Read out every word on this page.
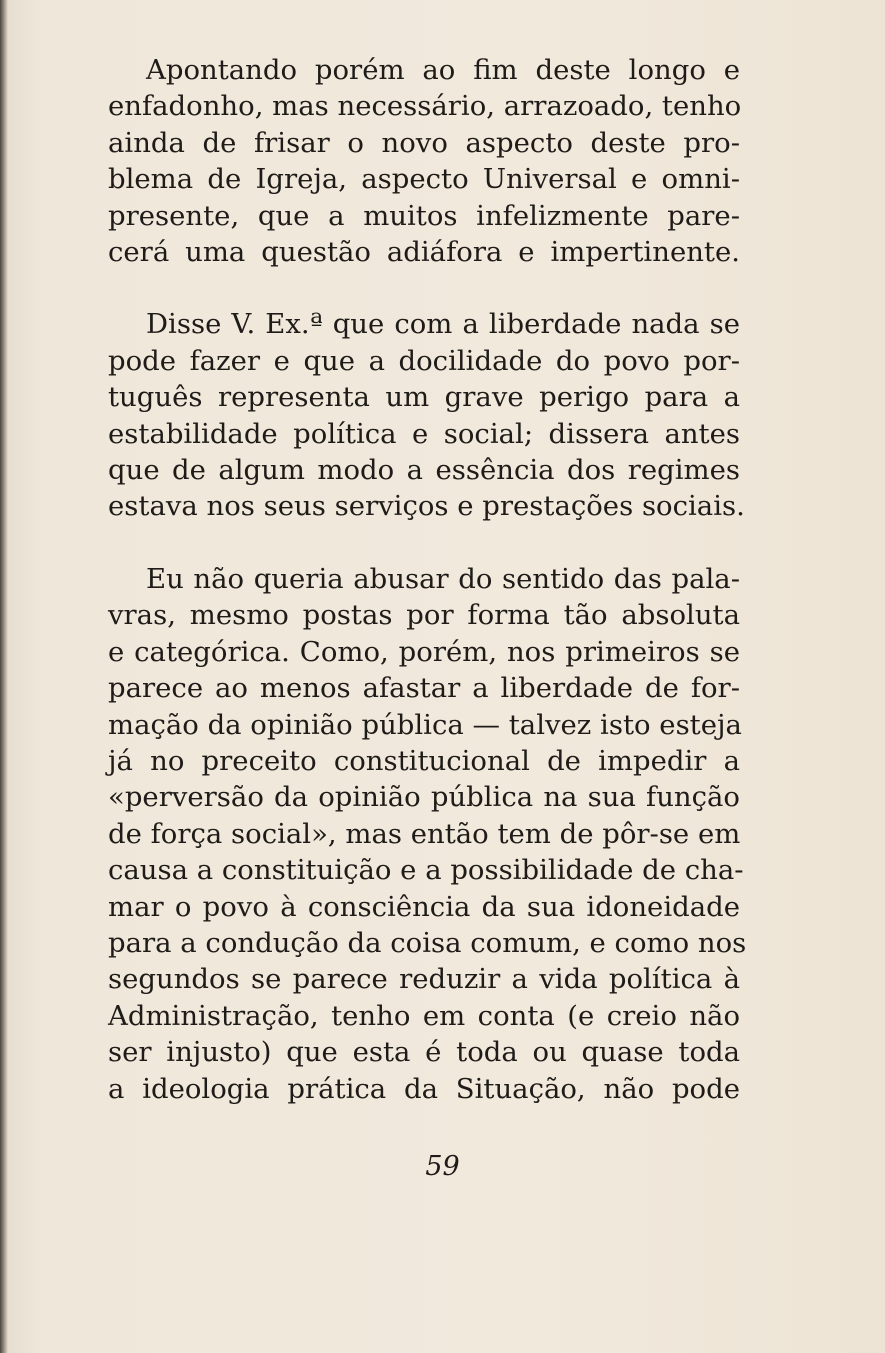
Apontando porém ao fim deste longo e
enfadonho, mas necessário, arrazoado, tenho
ainda de frisar o novo aspecto deste pro-
blema de Igreja, aspecto Universal e omni-
presente, que a muitos infelizmente pare-
cerá uma questão adiáfora e impertinente.

Disse V. Ex.ª que com a liberdade nada se
pode fazer e que a docilidade do povo por-
tuguês representa um grave perigo para a
estabilidade política e social; dissera antes
que de algum modo a essência dos regimes
estava nos seus serviços e prestações sociais.

Eu não queria abusar do sentido das pala-
vras, mesmo postas por forma tão absoluta
e categórica. Como, porém, nos primeiros se
parece ao menos afastar a liberdade de for-
mação da opinião pública — talvez isto esteja
já no preceito constitucional de impedir a
«perversão da opinião pública na sua função
de força social», mas então tem de pôr-se em
causa a constituição e a possibilidade de cha-
mar o povo à consciência da sua idoneidade
para a condução da coisa comum, e como nos
segundos se parece reduzir a vida política à
Administração, tenho em conta (e creio não
ser injusto) que esta é toda ou quase toda
a ideologia prática da Situação, não pode

59
